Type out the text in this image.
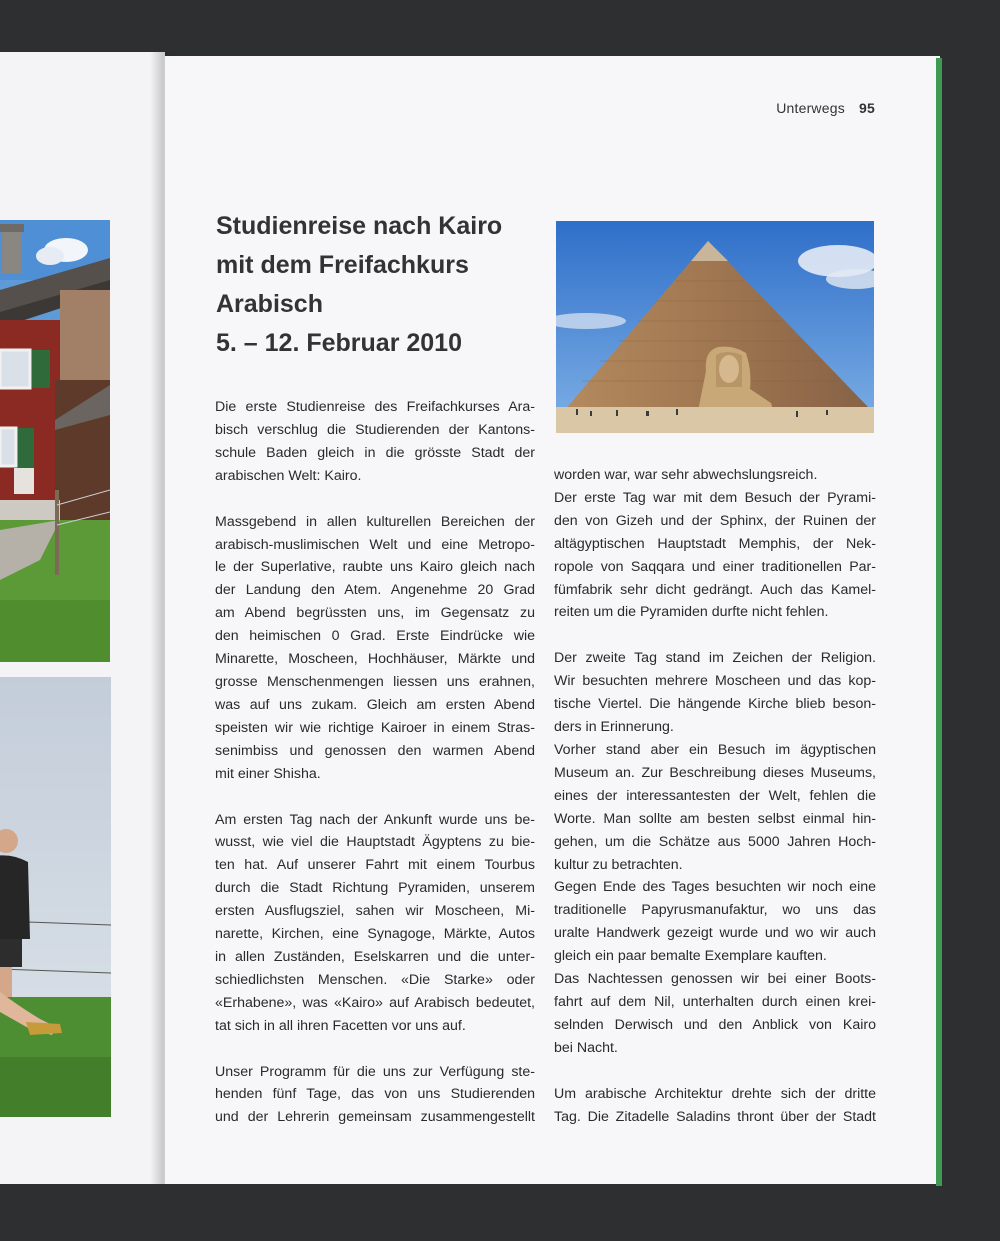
Unterwegs 95
Studienreise nach Kairo
mit dem Freifachkurs
Arabisch
5. – 12. Februar 2010

Die erste Studienreise des Freifachkurses Ara-

bisch verschlug die Studierenden der Kantons-

schule Baden gleich in die grösste Stadt der

arabischen Welt: Kairo.

Massgebend in allen kulturellen Bereichen der

arabisch-muslimischen Welt und eine Metropo-

le der Superlative, raubte uns Kairo gleich nach

der Landung den Atem. Angenehme 20 Grad

am Abend begrüssten uns, im Gegensatz zu

den heimischen 0 Grad. Erste Eindrücke wie

Minarette, Moscheen, Hochhäuser, Märkte und

grosse Menschenmengen liessen uns erahnen,

was auf uns zukam. Gleich am ersten Abend

speisten wir wie richtige Kairoer in einem Stras-

senimbiss und genossen den warmen Abend

mit einer Shisha.

Am ersten Tag nach der Ankunft wurde uns be-

wusst, wie viel die Hauptstadt Ägyptens zu bie-

ten hat. Auf unserer Fahrt mit einem Tourbus

durch die Stadt Richtung Pyramiden, unserem

ersten Ausflugsziel, sahen wir Moscheen, Mi-

narette, Kirchen, eine Synagoge, Märkte, Autos

in allen Zuständen, Eselskarren und die unter-

schiedlichsten Menschen. «Die Starke» oder

«Erhabene», was «Kairo» auf Arabisch bedeutet,

tat sich in all ihren Facetten vor uns auf.

Unser Programm für die uns zur Verfügung ste-

henden fünf Tage, das von uns Studierenden

und der Lehrerin gemeinsam zusammengestellt

worden war, war sehr abwechslungsreich.

Der erste Tag war mit dem Besuch der Pyrami-

den von Gizeh und der Sphinx, der Ruinen der

altägyptischen Hauptstadt Memphis, der Nek-

ropole von Saqqara und einer traditionellen Par-

fümfabrik sehr dicht gedrängt. Auch das Kamel-

reiten um die Pyramiden durfte nicht fehlen.

Der zweite Tag stand im Zeichen der Religion.

Wir besuchten mehrere Moscheen und das kop-

tische Viertel. Die hängende Kirche blieb beson-

ders in Erinnerung.

Vorher stand aber ein Besuch im ägyptischen

Museum an. Zur Beschreibung dieses Museums,

eines der interessantesten der Welt, fehlen die

Worte. Man sollte am besten selbst einmal hin-

gehen, um die Schätze aus 5000 Jahren Hoch-

kultur zu betrachten.

Gegen Ende des Tages besuchten wir noch eine

traditionelle Papyrusmanufaktur, wo uns das

uralte Handwerk gezeigt wurde und wo wir auch

gleich ein paar bemalte Exemplare kauften.

Das Nachtessen genossen wir bei einer Boots-

fahrt auf dem Nil, unterhalten durch einen krei-

selnden Derwisch und den Anblick von Kairo

bei Nacht.

Um arabische Architektur drehte sich der dritte

Tag. Die Zitadelle Saladins thront über der Stadt
